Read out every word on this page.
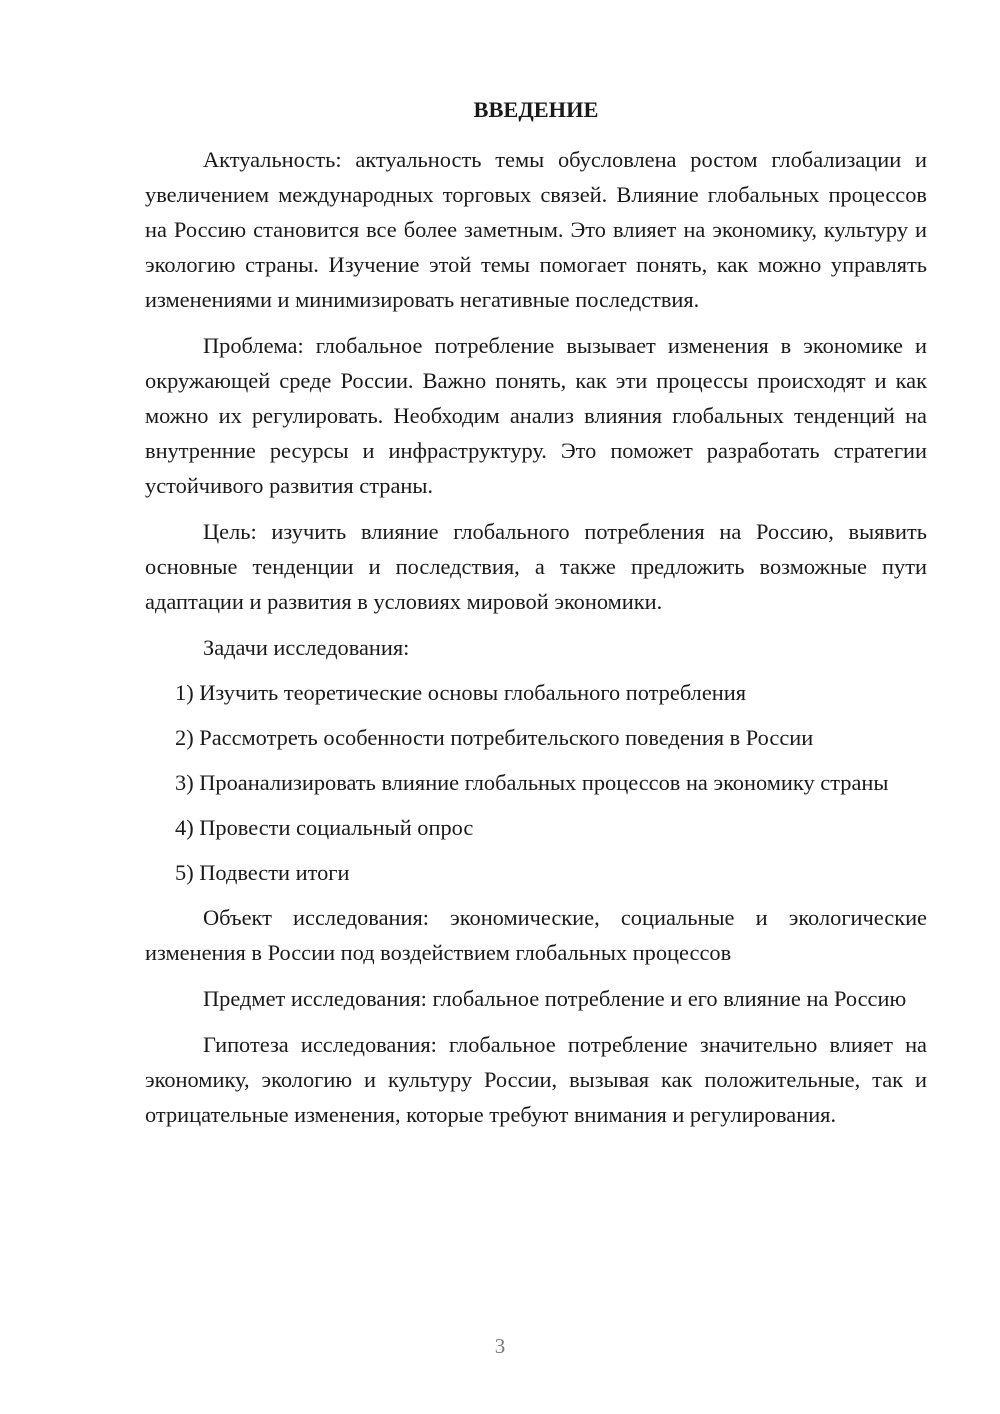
ВВЕДЕНИЕ

Актуальность: актуальность темы обусловлена ростом глобализации и увеличением международных торговых связей. Влияние глобальных процессов на Россию становится все более заметным. Это влияет на экономику, культуру и экологию страны. Изучение этой темы помогает понять, как можно управлять изменениями и минимизировать негативные последствия.

Проблема: глобальное потребление вызывает изменения в экономике и окружающей среде России. Важно понять, как эти процессы происходят и как можно их регулировать. Необходим анализ влияния глобальных тенденций на внутренние ресурсы и инфраструктуру. Это поможет разработать стратегии устойчивого развития страны.

Цель: изучить влияние глобального потребления на Россию, выявить основные тенденции и последствия, а также предложить возможные пути адаптации и развития в условиях мировой экономики.

Задачи исследования:

1) Изучить теоретические основы глобального потребления

2) Рассмотреть особенности потребительского поведения в России

3) Проанализировать влияние глобальных процессов на экономику страны

4) Провести социальный опрос

5) Подвести итоги

Объект исследования: экономические, социальные и экологические изменения в России под воздействием глобальных процессов

Предмет исследования: глобальное потребление и его влияние на Россию

Гипотеза исследования: глобальное потребление значительно влияет на экономику, экологию и культуру России, вызывая как положительные, так и отрицательные изменения, которые требуют внимания и регулирования.

3
